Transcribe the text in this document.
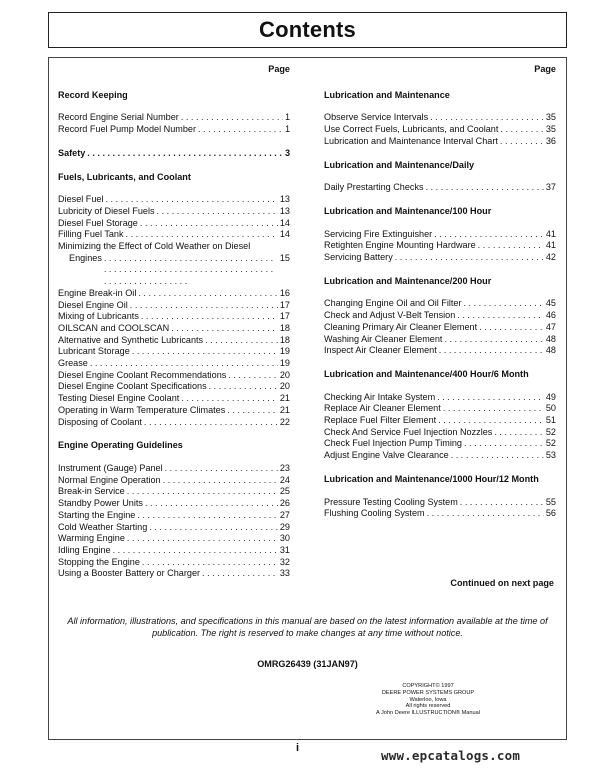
Contents
Page
Record Keeping
Record Engine Serial Number . . .	1
Record Fuel Pump Model Number . . .	1
Safety . . .	3
Fuels, Lubricants, and Coolant
Diesel Fuel . . .	13
Lubricity of Diesel Fuels . . .	13
Diesel Fuel Storage . . .	14
Filling Fuel Tank . . .	14
Minimizing the Effect of Cold Weather on Diesel
Engines . . .	15
Engine Break-in Oil . . .	16
Diesel Engine Oil . . .	17
Mixing of Lubricants . . .	17
OILSCAN and COOLSCAN . . .	18
Alternative and Synthetic Lubricants . . .	18
Lubricant Storage . . .	19
Grease . . .	19
Diesel Engine Coolant Recommendations . . .	20
Diesel Engine Coolant Specifications . . .	20
Testing Diesel Engine Coolant . . .	21
Operating in Warm Temperature Climates . . .	21
Disposing of Coolant . . .	22
Engine Operating Guidelines
Instrument (Gauge) Panel . . .	23
Normal Engine Operation . . .	24
Break-in Service . . .	25
Standby Power Units . . .	26
Starting the Engine . . .	27
Cold Weather Starting . . .	29
Warming Engine . . .	30
Idling Engine . . .	31
Stopping the Engine . . .	32
Using a Booster Battery or Charger . . .	33
Page
Lubrication and Maintenance
Observe Service Intervals . . .	35
Use Correct Fuels, Lubricants, and Coolant . . .	35
Lubrication and Maintenance Interval Chart . . .	36
Lubrication and Maintenance/Daily
Daily Prestarting Checks . . .	37
Lubrication and Maintenance/100 Hour
Servicing Fire Extinguisher . . .	41
Retighten Engine Mounting Hardware . . .	41
Servicing Battery . . .	42
Lubrication and Maintenance/200 Hour
Changing Engine Oil and Oil Filter . . .	45
Check and Adjust V-Belt Tension . . .	46
Cleaning Primary Air Cleaner Element . . .	47
Washing Air Cleaner Element . . .	48
Inspect Air Cleaner Element . . .	48
Lubrication and Maintenance/400 Hour/6 Month
Checking Air Intake System . . .	49
Replace Air Cleaner Element . . .	50
Replace Fuel Filter Element . . .	51
Check And Service Fuel Injection Nozzles . . .	52
Check Fuel Injection Pump Timing . . .	52
Adjust Engine Valve Clearance . . .	53
Lubrication and Maintenance/1000 Hour/12 Month
Pressure Testing Cooling System . . .	55
Flushing Cooling System . . .	56
Continued on next page
All information, illustrations, and specifications in this manual are based on the latest information available at the time of publication. The right is reserved to make changes at any time without notice.
OMRG26439 (31JAN97)
COPYRIGHT© 1997
DEERE POWER SYSTEMS GROUP
Waterloo, Iowa
All rights reserved
A John Deere ILLUSTRUCTION® Manual
i	www.epcatalogs.com
